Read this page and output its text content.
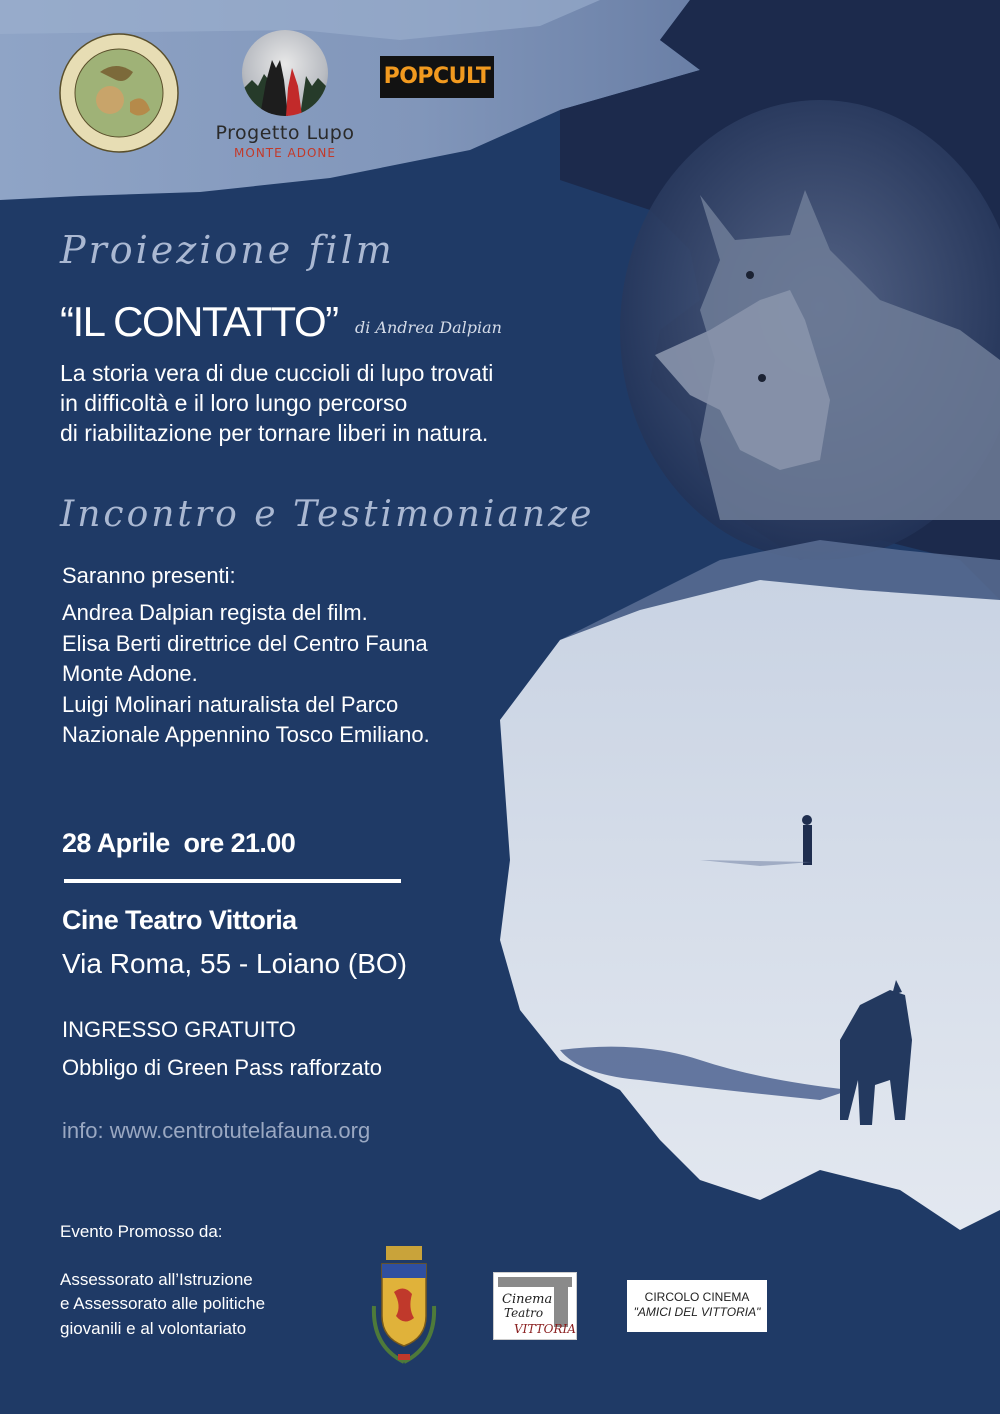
Progetto Lupo
MONTE ADONE
POPCULT
Proiezione film
“IL CONTATTO” di Andrea Dalpian
La storia vera di due cuccioli di lupo trovati
in difficoltà e il loro lungo percorso
di riabilitazione per tornare liberi in natura.
Incontro e Testimonianze
Saranno presenti:
Andrea Dalpian regista del film.
Elisa Berti direttrice del Centro Fauna
Monte Adone.
Luigi Molinari naturalista del Parco
Nazionale Appennino Tosco Emiliano.
28 Aprile  ore 21.00
Cine Teatro Vittoria
Via Roma, 55 - Loiano (BO)
INGRESSO GRATUITO
Obbligo di Green Pass rafforzato
info: www.centrotutelafauna.org
Evento Promosso da:
Assessorato all’Istruzione
e Assessorato alle politiche
giovanili e al volontariato
Cinema
Teatro
VITTORIA
CIRCOLO CINEMA
"AMICI DEL VITTORIA"
